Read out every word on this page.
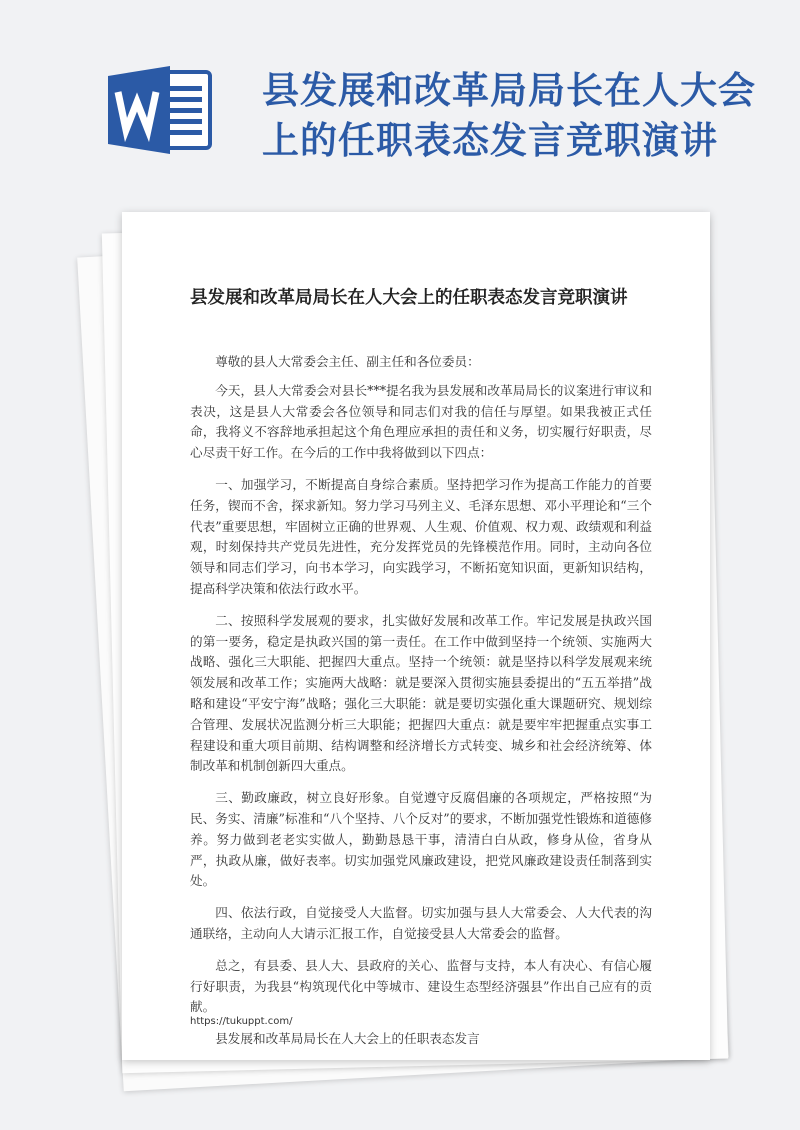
县发展和改革局局长在人大会上的任职表态发言竞职演讲
县发展和改革局局长在人大会上的任职表态发言竞职演讲

尊敬的县人大常委会主任、副主任和各位委员：

今天，县人大常委会对县长***提名我为县发展和改革局局长的议案进行审议和表决，这是县人大常委会各位领导和同志们对我的信任与厚望。如果我被正式任命，我将义不容辞地承担起这个角色理应承担的责任和义务，切实履行好职责，尽心尽责干好工作。在今后的工作中我将做到以下四点：

一、加强学习，不断提高自身综合素质。坚持把学习作为提高工作能力的首要任务，锲而不舍，探求新知。努力学习马列主义、毛泽东思想、邓小平理论和“三个代表”重要思想，牢固树立正确的世界观、人生观、价值观、权力观、政绩观和利益观，时刻保持共产党员先进性，充分发挥党员的先锋模范作用。同时，主动向各位领导和同志们学习，向书本学习，向实践学习，不断拓宽知识面，更新知识结构，提高科学决策和依法行政水平。

二、按照科学发展观的要求，扎实做好发展和改革工作。牢记发展是执政兴国的第一要务，稳定是执政兴国的第一责任。在工作中做到坚持一个统领、实施两大战略、强化三大职能、把握四大重点。坚持一个统领：就是坚持以科学发展观来统领发展和改革工作；实施两大战略：就是要深入贯彻实施县委提出的“五五举措”战略和建设“平安宁海”战略；强化三大职能：就是要切实强化重大课题研究、规划综合管理、发展状况监测分析三大职能；把握四大重点：就是要牢牢把握重点实事工程建设和重大项目前期、结构调整和经济增长方式转变、城乡和社会经济统筹、体制改革和机制创新四大重点。

三、勤政廉政，树立良好形象。自觉遵守反腐倡廉的各项规定，严格按照“为民、务实、清廉”标准和“八个坚持、八个反对”的要求，不断加强党性锻炼和道德修养。努力做到老老实实做人，勤勤恳恳干事，清清白白从政，修身从俭，省身从严，执政从廉，做好表率。切实加强党风廉政建设，把党风廉政建设责任制落到实处。

四、依法行政，自觉接受人大监督。切实加强与县人大常委会、人大代表的沟通联络，主动向人大请示汇报工作，自觉接受县人大常委会的监督。

总之，有县委、县人大、县政府的关心、监督与支持，本人有决心、有信心履行好职责，为我县“构筑现代化中等城市、建设生态型经济强县”作出自己应有的贡献。

县发展和改革局局长在人大会上的任职表态发言

https://tukuppt.com/
